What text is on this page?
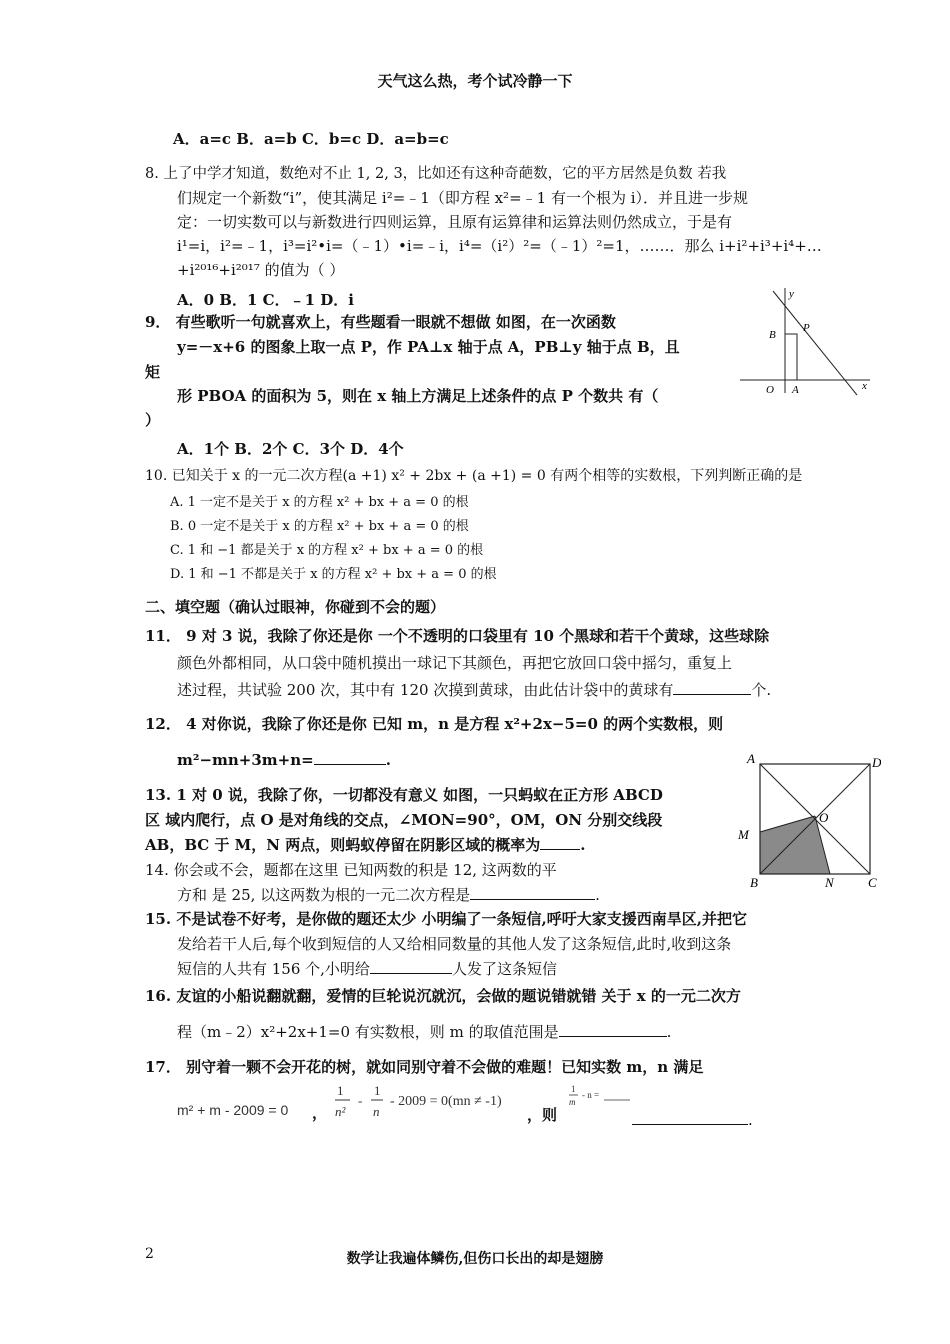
天气这么热，考个试冷静一下
A．a=c B．a=b C．b=c D．a=b=c
8. 上了中学才知道，数绝对不止 1, 2, 3，比如还有这种奇葩数，它的平方居然是负数 若我
们规定一个新数“i”，使其满足 i²=﹣1（即方程 x²=﹣1 有一个根为 i）．并且进一步规
定：一切实数可以与新数进行四则运算，且原有运算律和运算法则仍然成立，于是有
i¹=i，i²=﹣1，i³=i²•i=（﹣1）•i=﹣i，i⁴=（i²）²=（﹣1）²=1，……．那么 i+i²+i³+i⁴+…
+i²⁰¹⁶+i²⁰¹⁷ 的值为（ ）
A．0 B．1 C．﹣1 D．i
9． 有些歌听一句就喜欢上，有些题看一眼就不想做 如图，在一次函数
y=－x+6 的图象上取一点 P，作 PA⊥x 轴于点 A，PB⊥y 轴于点 B，且
矩
形 PBOA 的面积为 5，则在 x 轴上方满足上述条件的点 P 个数共 有（
）
A．1个 B．2个 C．3个 D．4个
y
x
O A
B
P
10. 已知关于 x 的一元二次方程(a +1) x² + 2bx + (a +1) = 0 有两个相等的实数根，下列判断正确的是
A. 1 一定不是关于 x 的方程 x² + bx + a = 0 的根
B. 0 一定不是关于 x 的方程 x² + bx + a = 0 的根
C. 1 和 −1 都是关于 x 的方程 x² + bx + a = 0 的根
D. 1 和 −1 不都是关于 x 的方程 x² + bx + a = 0 的根
二、填空题（确认过眼神，你碰到不会的题）
11． 9 对 3 说，我除了你还是你 一个不透明的口袋里有 10 个黑球和若干个黄球，这些球除
颜色外都相同，从口袋中随机摸出一球记下其颜色，再把它放回口袋中摇匀，重复上
述过程，共试验 200 次，其中有 120 次摸到黄球，由此估计袋中的黄球有	个.
12． 4 对你说，我除了你还是你 已知 m，n 是方程 x²+2x−5=0 的两个实数根，则
m²−mn+3m+n=	.
13. 1 对 0 说，我除了你，一切都没有意义 如图，一只蚂蚁在正方形 ABCD
区 域内爬行，点 O 是对角线的交点，∠MON=90°，OM，ON 分别交线段
AB，BC 于 M，N 两点，则蚂蚁停留在阴影区域的概率为	.
A	D
M
O
B	N	C
14. 你会或不会，题都在这里 已知两数的积是 12, 这两数的平
方和 是 25, 以这两数为根的一元二次方程是	.
15. 不是试卷不好考，是你做的题还太少 小明编了一条短信,呼吁大家支援西南旱区,并把它
发给若干人后,每个收到短信的人又给相同数量的其他人发了这条短信,此时,收到这条
短信的人共有 156 个,小明给	人发了这条短信
16. 友谊的小船说翻就翻，爱情的巨轮说沉就沉，会做的题说错就错 关于 x 的一元二次方
程（m﹣2）x²+2x+1=0 有实数根，则 m 的取值范围是	.
17． 别守着一颗不会开花的树，就如同别守着不会做的难题！已知实数 m，n 满足
m² + m - 2009 = 0 ，
1
n²
-
1
n
- 2009 = 0(mn ≠ -1)
，则
1
m
- n =
.
2	数学让我遍体鳞伤,但伤口长出的却是翅膀
